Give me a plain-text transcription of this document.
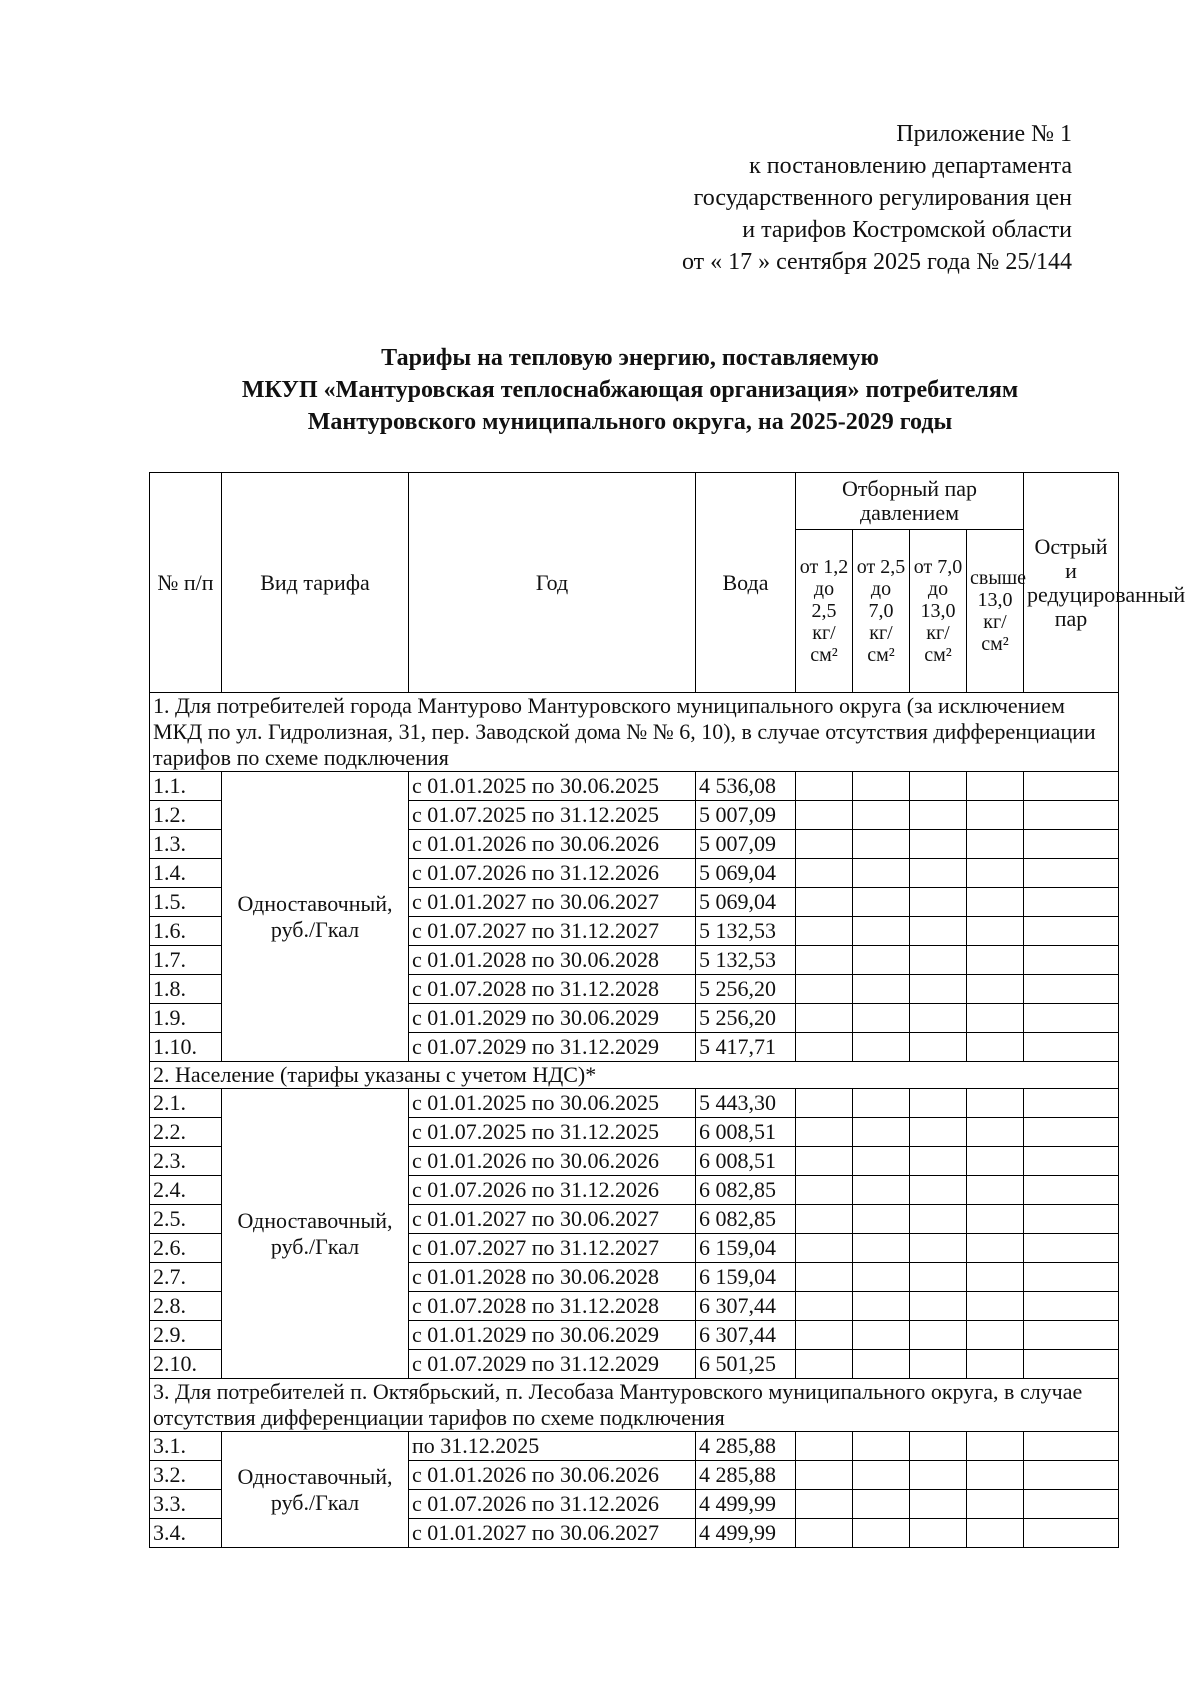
Приложение № 1
к постановлению департамента
государственного регулирования цен
и тарифов Костромской области
от « 17 » сентября 2025 года № 25/144
Тарифы на тепловую энергию, поставляемую
МКУП «Мантуровская теплоснабжающая организация» потребителям
Мантуровского муниципального округа, на 2025-2029 годы
№ п/п	Вид тарифа	Год	Вода	Отборный пар давлением				Острый и редуцированный пар
				от 1,2 до 2,5 кг/см²	от 2,5 до 7,0 кг/см²	от 7,0 до 13,0 кг/см²	свыше 13,0 кг/см²	
1. Для потребителей города Мантурово Мантуровского муниципального округа (за исключением МКД по ул. Гидролизная, 31, пер. Заводской дома № № 6, 10), в случае отсутствия дифференциации тарифов по схеме подключения								
1.1.	Одноставочный, руб./Гкал	с 01.01.2025 по 30.06.2025	4 536,08					
1.2.		с 01.07.2025 по 31.12.2025	5 007,09					
1.3.		с 01.01.2026 по 30.06.2026	5 007,09					
1.4.		с 01.07.2026 по 31.12.2026	5 069,04					
1.5.		с 01.01.2027 по 30.06.2027	5 069,04					
1.6.		с 01.07.2027 по 31.12.2027	5 132,53					
1.7.		с 01.01.2028 по 30.06.2028	5 132,53					
1.8.		с 01.07.2028 по 31.12.2028	5 256,20					
1.9.		с 01.01.2029 по 30.06.2029	5 256,20					
1.10.		с 01.07.2029 по 31.12.2029	5 417,71					
2. Население (тарифы указаны с учетом НДС)*								
2.1.	Одноставочный, руб./Гкал	с 01.01.2025 по 30.06.2025	5 443,30					
2.2.		с 01.07.2025 по 31.12.2025	6 008,51					
2.3.		с 01.01.2026 по 30.06.2026	6 008,51					
2.4.		с 01.07.2026 по 31.12.2026	6 082,85					
2.5.		с 01.01.2027 по 30.06.2027	6 082,85					
2.6.		с 01.07.2027 по 31.12.2027	6 159,04					
2.7.		с 01.01.2028 по 30.06.2028	6 159,04					
2.8.		с 01.07.2028 по 31.12.2028	6 307,44					
2.9.		с 01.01.2029 по 30.06.2029	6 307,44					
2.10.		с 01.07.2029 по 31.12.2029	6 501,25					
3. Для потребителей п. Октябрьский, п. Лесобаза Мантуровского муниципального округа, в случае отсутствия дифференциации тарифов по схеме подключения								
3.1.	Одноставочный, руб./Гкал	по 31.12.2025	4 285,88					
3.2.		с 01.01.2026 по 30.06.2026	4 285,88					
3.3.		с 01.07.2026 по 31.12.2026	4 499,99					
3.4.		с 01.01.2027 по 30.06.2027	4 499,99					
